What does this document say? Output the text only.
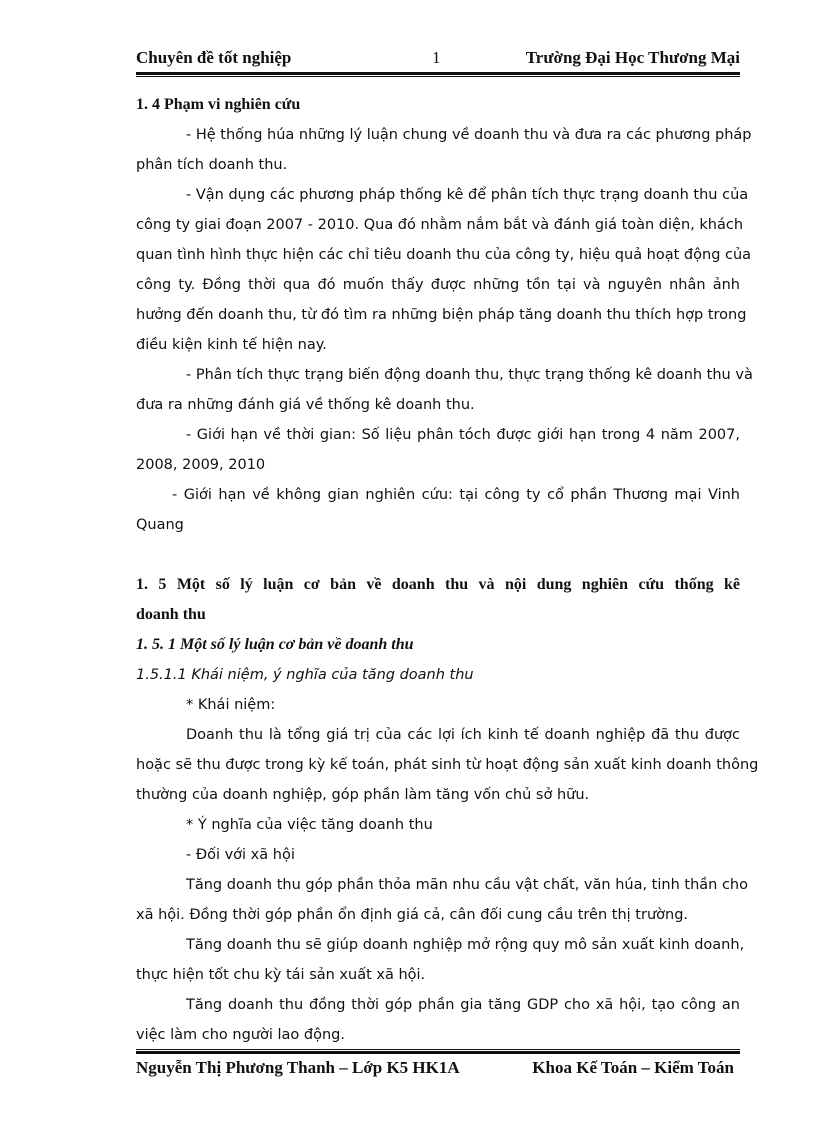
Chuyên đề tốt nghiệp	1	Trường Đại Học Thương Mại
1. 4 Phạm vi nghiên cứu
- Hệ thống húa những lý luận chung về doanh thu và đưa ra các phương pháp
phân tích doanh thu.
- Vận dụng các phương pháp thống kê để phân tích thực trạng doanh thu của
công ty giai đoạn 2007 - 2010. Qua đó nhằm nắm bắt và đánh giá toàn diện, khách
quan tình hình thực hiện các chỉ tiêu doanh thu của công ty, hiệu quả hoạt động của
công ty. Đồng thời qua đó muốn thấy được những tồn tại và nguyên nhân ảnh
hưởng đến doanh thu, từ đó tìm ra những biện pháp tăng doanh thu thích hợp trong
điều kiện kinh tế hiện nay.
- Phân tích thực trạng biến động doanh thu, thực trạng thống kê doanh thu và
đưa ra những đánh giá về thống kê doanh thu.
- Giới hạn về thời gian: Số liệu phân tóch được giới hạn trong 4 năm 2007,
2008, 2009, 2010
- Giới hạn về không gian nghiên cứu: tại công ty cổ phần Thương mại Vinh
Quang
1. 5 Một số lý luận cơ bản về doanh thu và nội dung nghiên cứu thống kê
doanh thu
1. 5. 1 Một số lý luận cơ bản về doanh thu
1.5.1.1 Khái niệm, ý nghĩa của tăng doanh thu
* Khái niệm:
Doanh thu là tổng giá trị của các lợi ích kinh tế doanh nghiệp đã thu được
hoặc sẽ thu được trong kỳ kế toán, phát sinh từ hoạt động sản xuất kinh doanh thông
thường của doanh nghiệp, góp phần làm tăng vốn chủ sở hữu.
* Ý nghĩa của việc tăng doanh thu
- Đối với xã hội
Tăng doanh thu góp phần thỏa mãn nhu cầu vật chất, văn húa, tinh thần cho
xã hội. Đồng thời góp phần ổn định giá cả, cân đối cung cầu trên thị trường.
Tăng doanh thu sẽ giúp doanh nghiệp mở rộng quy mô sản xuất kinh doanh,
thực hiện tốt chu kỳ tái sản xuất xã hội.
Tăng doanh thu đồng thời góp phần gia tăng GDP cho xã hội, tạo công an
việc làm cho người lao động.
Nguyễn Thị Phương Thanh – Lớp K5 HK1A	Khoa Kế Toán – Kiểm Toán
